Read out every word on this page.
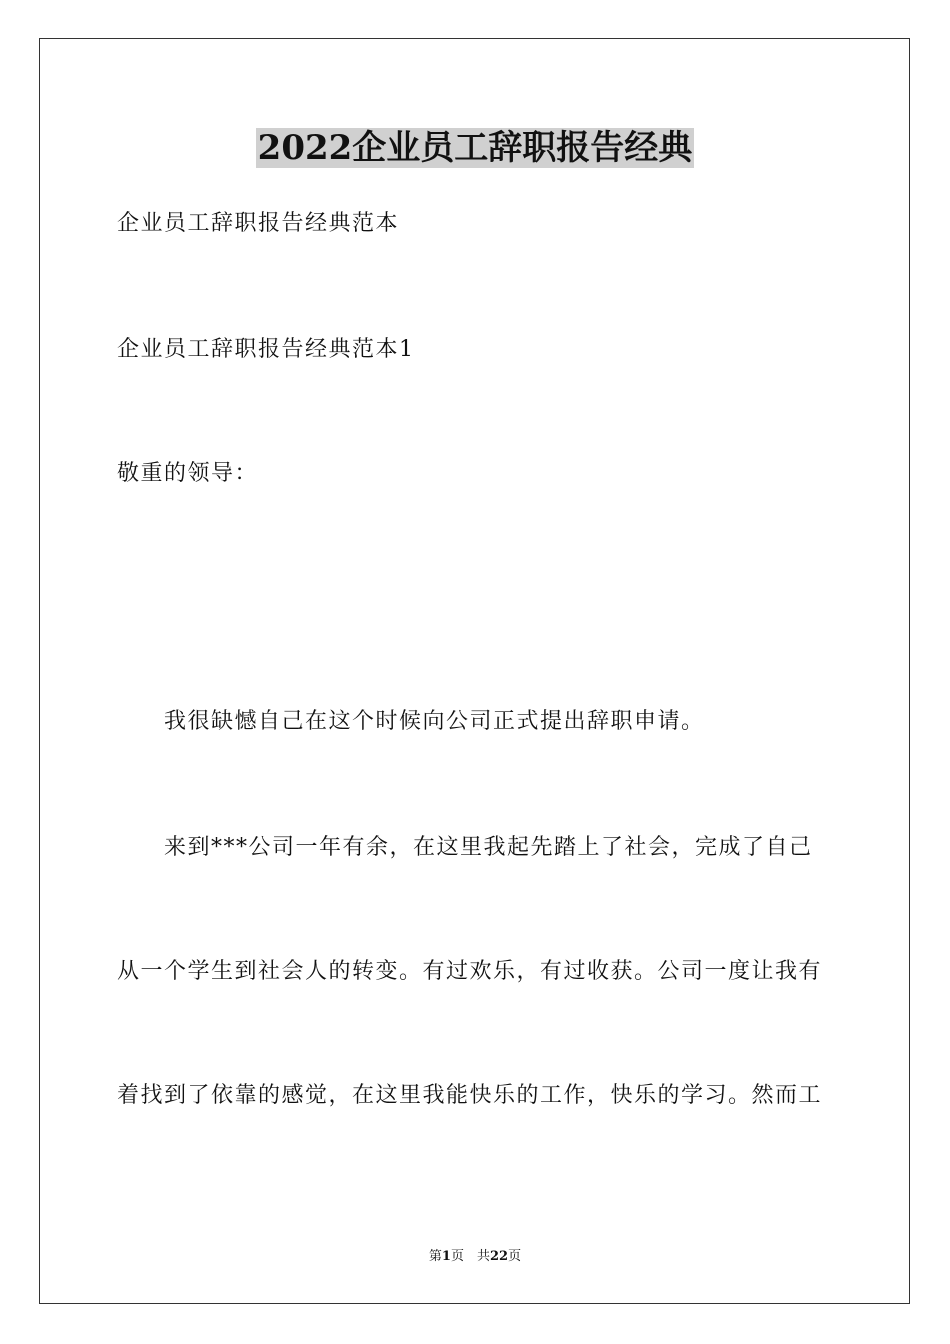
2022企业员工辞职报告经典

企业员工辞职报告经典范本

企业员工辞职报告经典范本1

敬重的领导：

我很缺憾自己在这个时候向公司正式提出辞职申请。

来到***公司一年有余，在这里我起先踏上了社会，完成了自己

从一个学生到社会人的转变。有过欢乐，有过收获。公司一度让我有

着找到了依靠的感觉，在这里我能快乐的工作，快乐的学习。然而工

第1页　共22页
